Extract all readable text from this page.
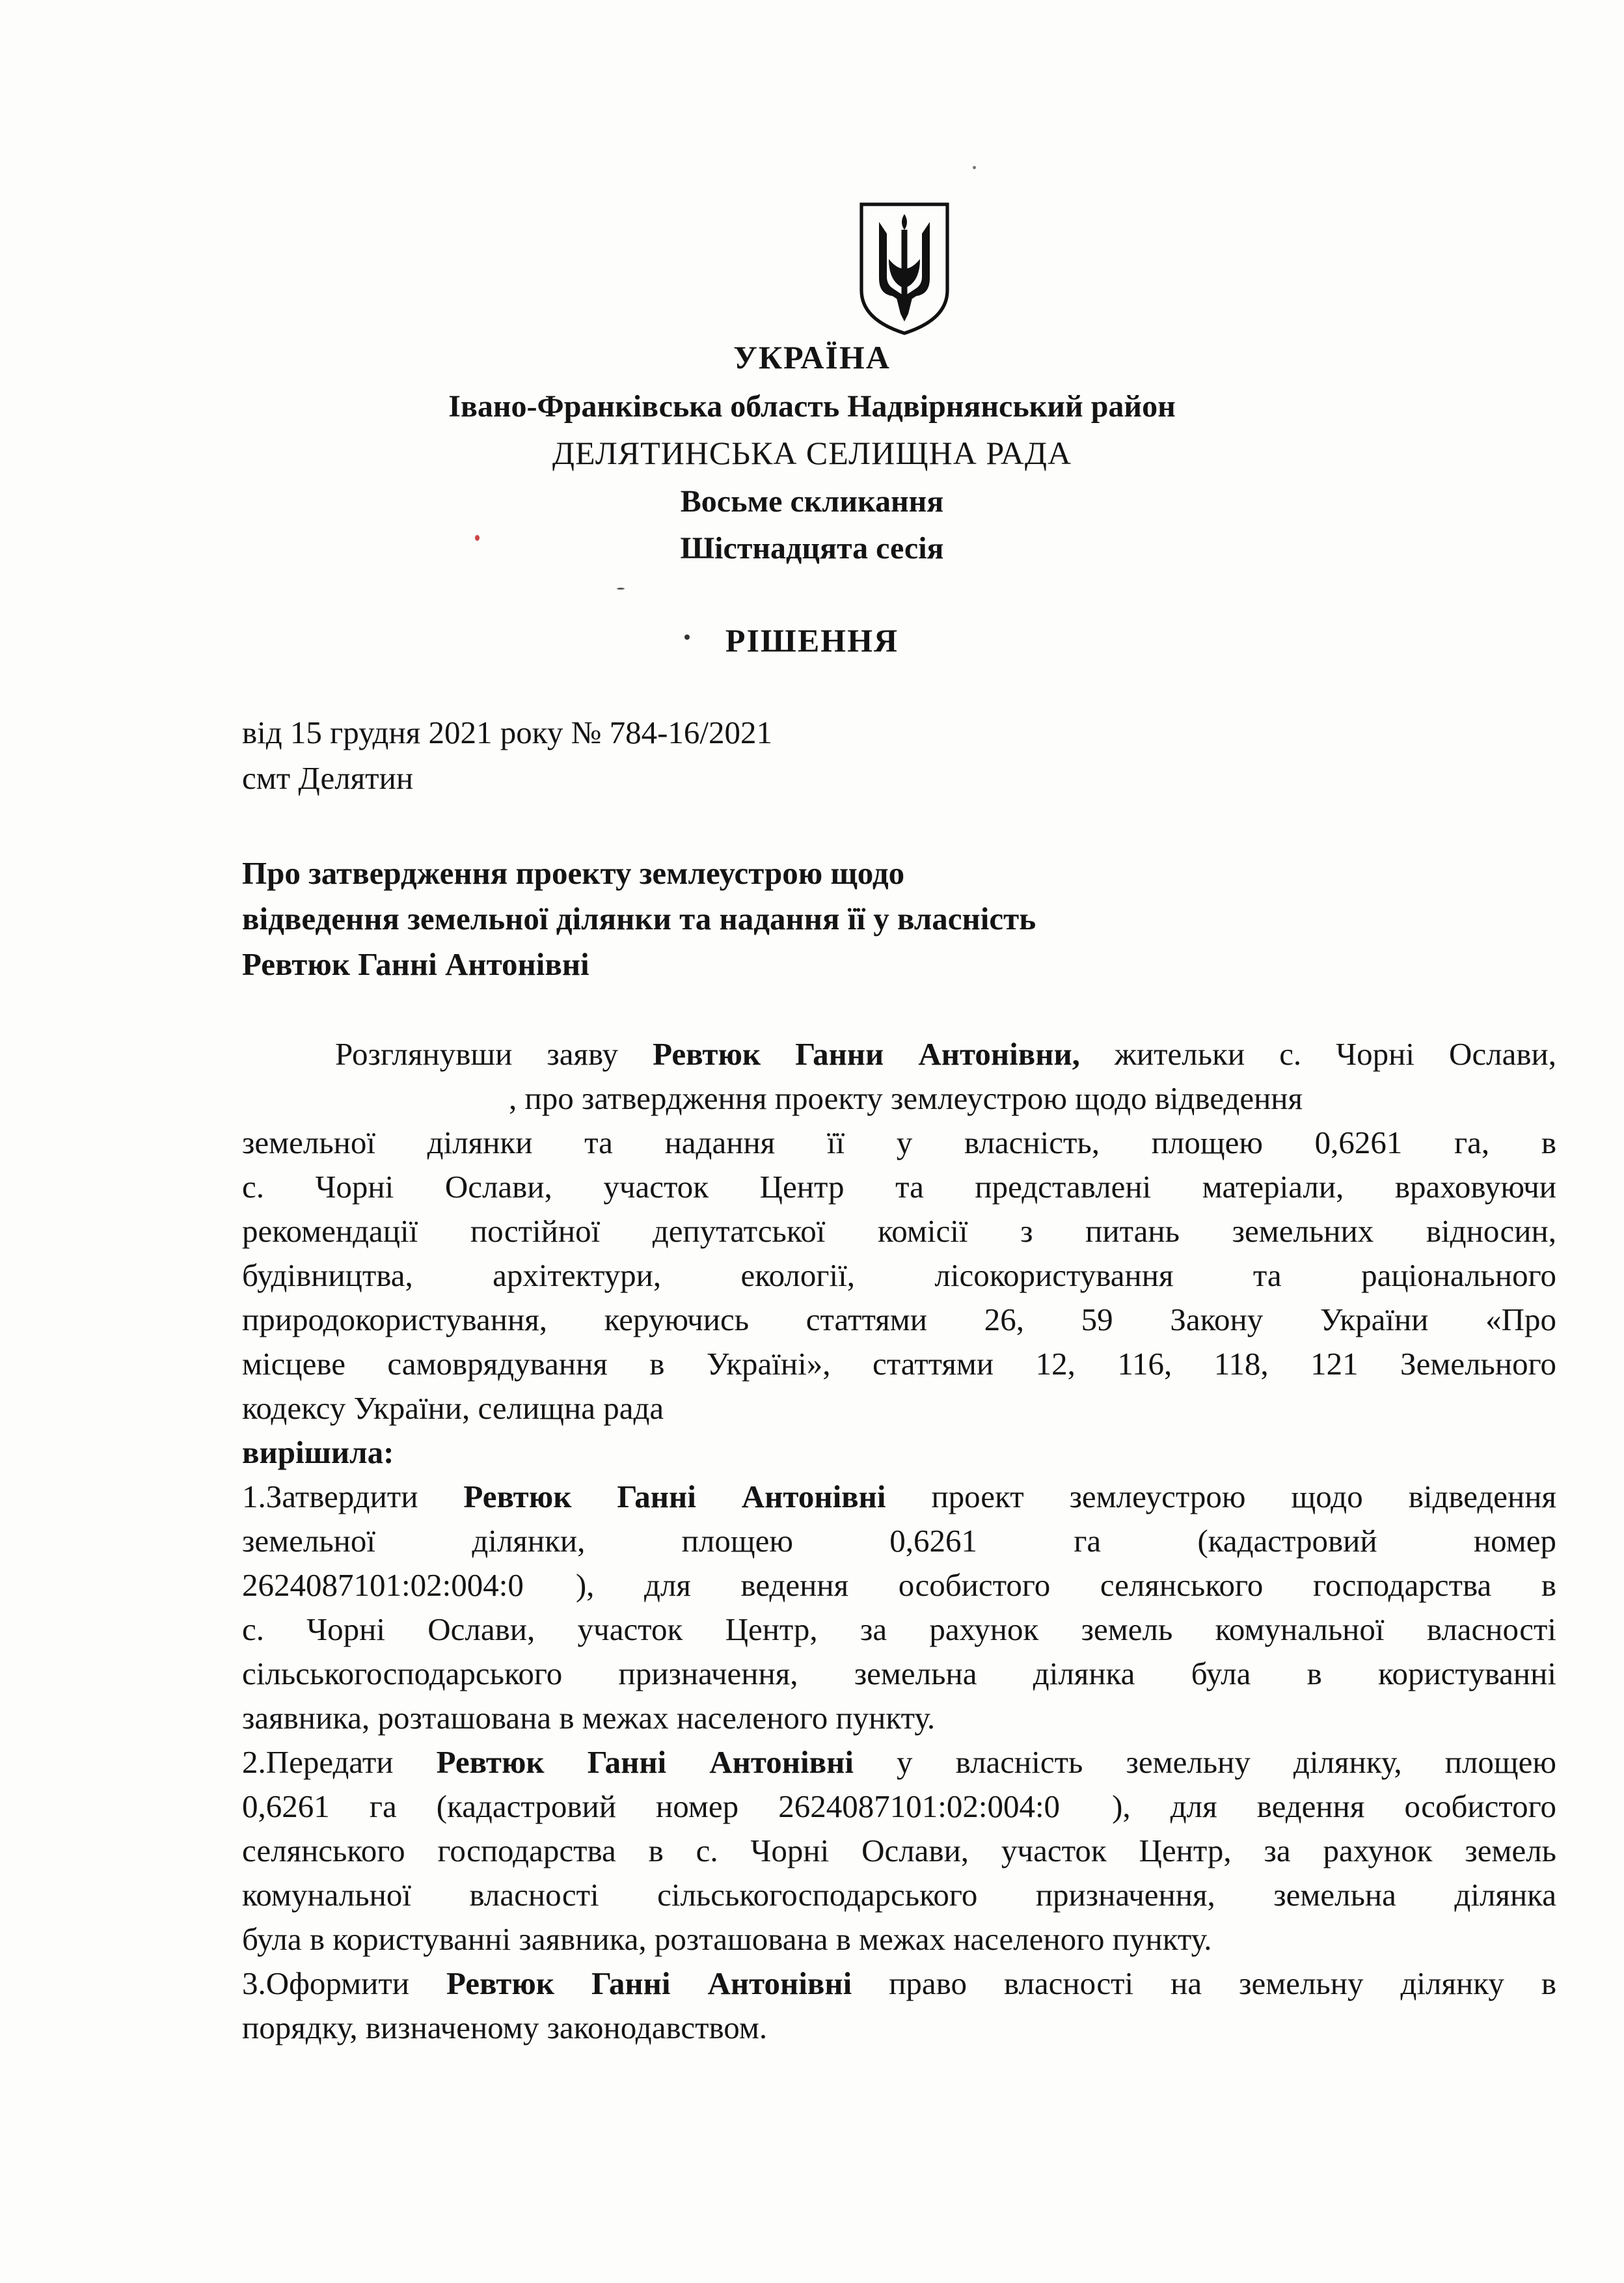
УКРАЇНА
Івано-Франківська область Надвірнянський район
ДЕЛЯТИНСЬКА СЕЛИЩНА РАДА
Восьме скликання
Шістнадцята сесія
РІШЕННЯ
від 15 грудня 2021 року № 784-16/2021
смт Делятин
Про затвердження проекту землеустрою щодо
відведення земельної ділянки та надання її у власність
Ревтюк Ганні Антонівні
Розглянувши заяву Ревтюк Ганни Антонівни, жительки с. Чорні Ослави,
, про затвердження проекту землеустрою щодо відведення
земельної ділянки та надання її у власність, площею 0,6261 га, в
с. Чорні Ослави, участок Центр та представлені матеріали, враховуючи
рекомендації постійної депутатської комісії з питань земельних відносин,
будівництва, архітектури, екології, лісокористування та раціонального
природокористування, керуючись статтями 26, 59 Закону України «Про
місцеве самоврядування в Україні», статтями 12, 116, 118, 121 Земельного
кодексу України, селищна рада
вирішила:
1.Затвердити Ревтюк Ганні Антонівні проект землеустрою щодо відведення
земельної ділянки, площею 0,6261 га (кадастровий номер
2624087101:02:004:0 ), для ведення особистого селянського господарства в
с. Чорні Ослави, участок Центр, за рахунок земель комунальної власності
сільськогосподарського призначення, земельна ділянка була в користуванні
заявника, розташована в межах населеного пункту.
2.Передати Ревтюк Ганні Антонівні у власність земельну ділянку, площею
0,6261 га (кадастровий номер 2624087101:02:004:0 ), для ведення особистого
селянського господарства в с. Чорні Ослави, участок Центр, за рахунок земель
комунальної власності сільськогосподарського призначення, земельна ділянка
була в користуванні заявника, розташована в межах населеного пункту.
3.Оформити Ревтюк Ганні Антонівні право власності на земельну ділянку в
порядку, визначеному законодавством.
